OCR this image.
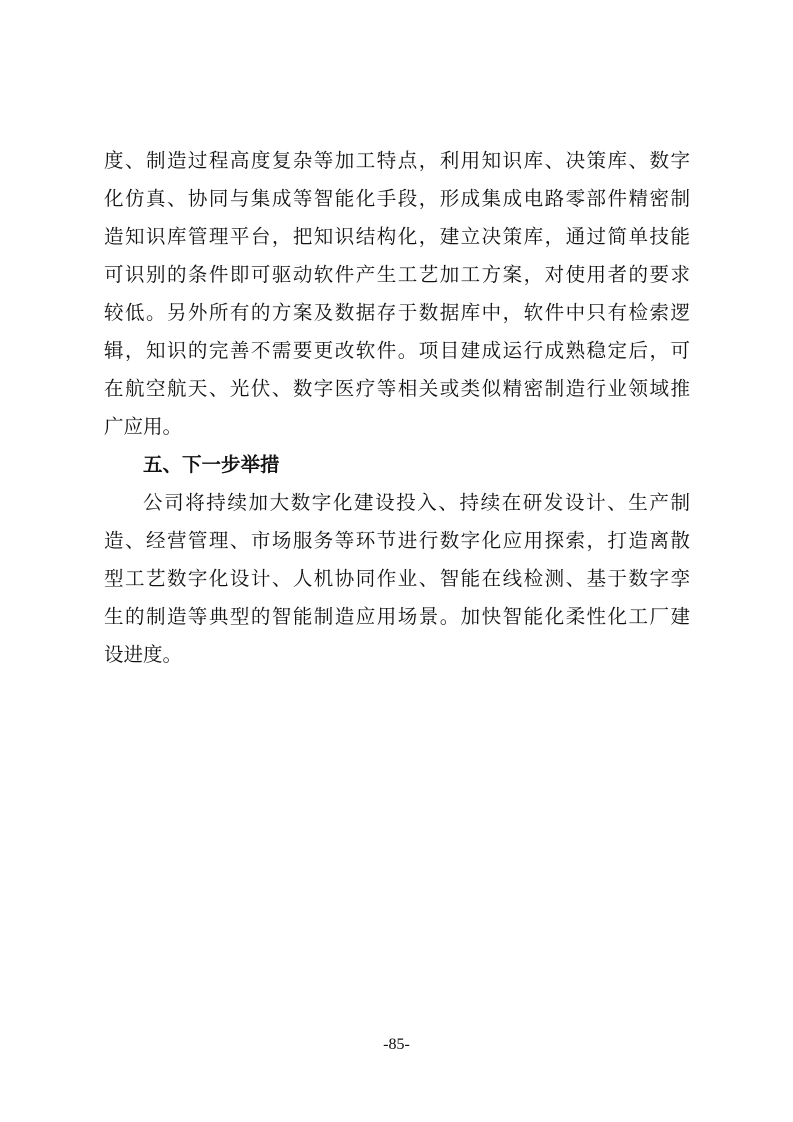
度、制造过程高度复杂等加工特点，利用知识库、决策库、数字
化仿真、协同与集成等智能化手段，形成集成电路零部件精密制
造知识库管理平台，把知识结构化，建立决策库，通过简单技能
可识别的条件即可驱动软件产生工艺加工方案，对使用者的要求
较低。另外所有的方案及数据存于数据库中，软件中只有检索逻
辑，知识的完善不需要更改软件。项目建成运行成熟稳定后，可
在航空航天、光伏、数字医疗等相关或类似精密制造行业领域推
广应用。
五、下一步举措
公司将持续加大数字化建设投入、持续在研发设计、生产制
造、经营管理、市场服务等环节进行数字化应用探索，打造离散
型工艺数字化设计、人机协同作业、智能在线检测、基于数字孪
生的制造等典型的智能制造应用场景。加快智能化柔性化工厂建
设进度。
-85-
